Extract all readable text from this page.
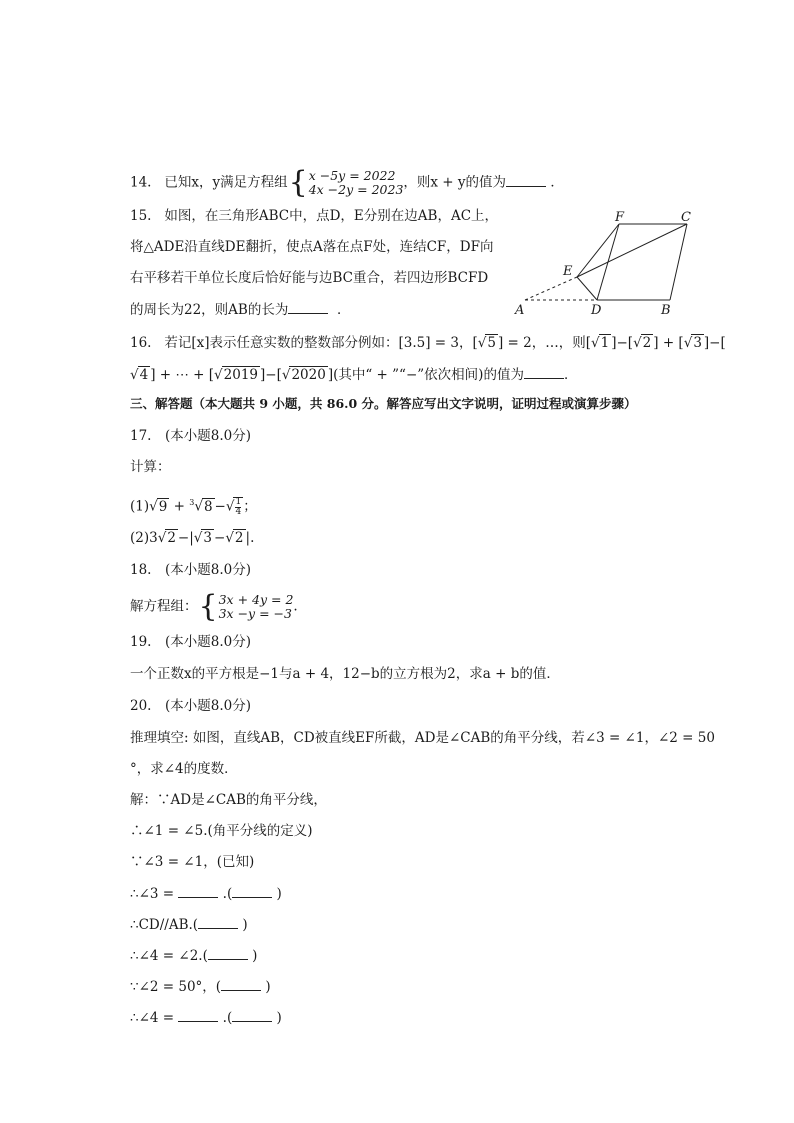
14. 已知x，y满足方程组{x −5y = 2022
4x −2y = 2023，则x + y的值为	．
15. 如图，在三角形ABC中，点D，E分别在边AB，AC上，
将△ADE沿直线DE翻折，使点A落在点F处，连结CF，DF向
右平移若干单位长度后恰好能与边BC重合，若四边形BCFD
的周长为22，则AB的长为	．
F	C
E
A	D	B
16. 若记[x]表示任意实数的整数部分例如：[3.5] = 3，[√5 ] = 2，…，则[√1 ]−[√2 ] + [√3 ]−[
√4 ] + ⋯ + [√2019 ]−[√2020 ](其中“ + ”“−”依次相间)的值为	．
三、解答题（本大题共 9 小题，共 86.0 分。解答应写出文字说明，证明过程或演算步骤）
17.　(本小题8.0分)
计算：
(1)√9 + $^3$√8 −√ $\frac{1}{4}$ ；
(2)3√2 −|√3 −√2 |.
18.　(本小题8.0分)
解方程组：{3x + 4y = 2
3x −y = −3.
19.　(本小题8.0分)
一个正数x的平方根是−1与a + 4，12−b的立方根为2，求a + b的值．
20.　(本小题8.0分)
推理填空: 如图，直线AB，CD被直线EF所截，AD是∠CAB的角平分线，若∠3 = ∠1，∠2 = 50
°，求∠4的度数．
解：∵AD是∠CAB的角平分线，
∴∠1 = ∠5.(角平分线的定义)
∵∠3 = ∠1，(已知)
∴∠3 =	.(	)
∴CD//AB.(	)
∴∠4 = ∠2.(	)
∵∠2 = 50°，(	)
∴∠4 =	.(	)
